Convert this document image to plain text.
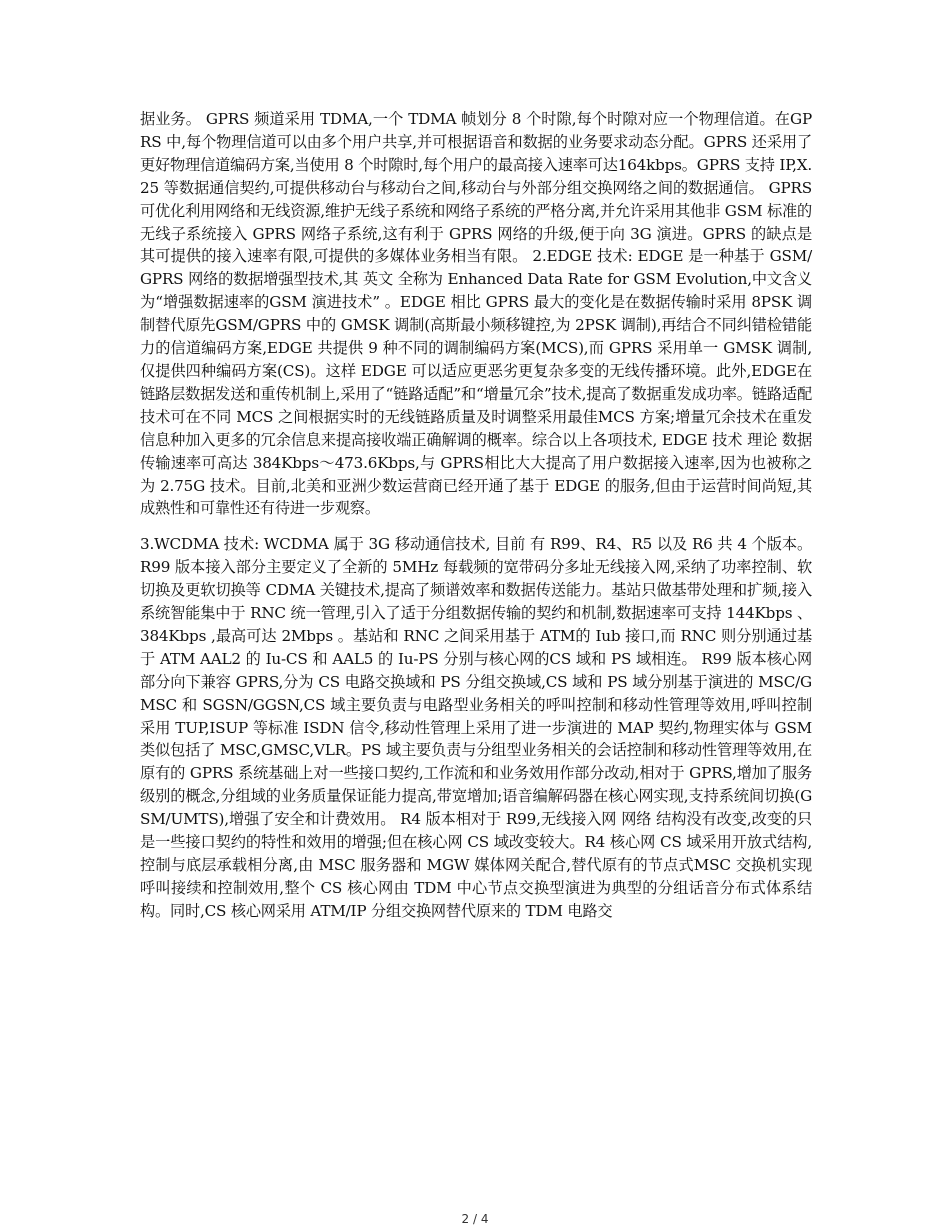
据业务。 GPRS 频道采用 TDMA,一个 TDMA 帧划分 8 个时隙,每个时隙对应一个物理信道。在GPRS 中,每个物理信道可以由多个用户共享,并可根据语音和数据的业务要求动态分配。GPRS 还采用了更好物理信道编码方案,当使用 8 个时隙时,每个用户的最高接入速率可达164kbps。GPRS 支持 IP,X.25 等数据通信契约,可提供移动台与移动台之间,移动台与外部分组交换网络之间的数据通信。 GPRS 可优化利用网络和无线资源,维护无线子系统和网络子系统的严格分离,并允许采用其他非 GSM 标准的无线子系统接入 GPRS 网络子系统,这有利于 GPRS 网络的升级,便于向 3G 演进。GPRS 的缺点是其可提供的接入速率有限,可提供的多媒体业务相当有限。 2.EDGE 技术: EDGE 是一种基于 GSM/GPRS 网络的数据增强型技术,其 英文 全称为 Enhanced Data Rate for GSM Evolution,中文含义为“增强数据速率的GSM 演进技术” 。EDGE 相比 GPRS 最大的变化是在数据传输时采用 8PSK 调制替代原先GSM/GPRS 中的 GMSK 调制(高斯最小频移键控,为 2PSK 调制),再结合不同纠错检错能力的信道编码方案,EDGE 共提供 9 种不同的调制编码方案(MCS),而 GPRS 采用单一 GMSK 调制,仅提供四种编码方案(CS)。这样 EDGE 可以适应更恶劣更复杂多变的无线传播环境。此外,EDGE在链路层数据发送和重传机制上,采用了“链路适配”和“增量冗余”技术,提高了数据重发成功率。链路适配技术可在不同 MCS 之间根据实时的无线链路质量及时调整采用最佳MCS 方案;增量冗余技术在重发信息种加入更多的冗余信息来提高接收端正确解调的概率。综合以上各项技术, EDGE 技术 理论 数据传输速率可高达 384Kbps～473.6Kbps,与 GPRS相比大大提高了用户数据接入速率,因为也被称之为 2.75G 技术。目前,北美和亚洲少数运营商已经开通了基于 EDGE 的服务,但由于运营时间尚短,其成熟性和可靠性还有待进一步观察。

3.WCDMA 技术: WCDMA 属于 3G 移动通信技术, 目前 有 R99、R4、R5 以及 R6 共 4 个版本。R99 版本接入部分主要定义了全新的 5MHz 每载频的宽带码分多址无线接入网,采纳了功率控制、软切换及更软切换等 CDMA 关键技术,提高了频谱效率和数据传送能力。基站只做基带处理和扩频,接入系统智能集中于 RNC 统一管理,引入了适于分组数据传输的契约和机制,数据速率可支持 144Kbps 、384Kbps ,最高可达 2Mbps 。基站和 RNC 之间采用基于 ATM的 Iub 接口,而 RNC 则分别通过基于 ATM AAL2 的 Iu-CS 和 AAL5 的 Iu-PS 分别与核心网的CS 域和 PS 域相连。 R99 版本核心网部分向下兼容 GPRS,分为 CS 电路交换域和 PS 分组交换域,CS 域和 PS 域分别基于演进的 MSC/GMSC 和 SGSN/GGSN,CS 域主要负责与电路型业务相关的呼叫控制和移动性管理等效用,呼叫控制采用 TUP,ISUP 等标准 ISDN 信令,移动性管理上采用了进一步演进的 MAP 契约,物理实体与 GSM 类似包括了 MSC,GMSC,VLR。PS 域主要负责与分组型业务相关的会话控制和移动性管理等效用,在原有的 GPRS 系统基础上对一些接口契约,工作流和和业务效用作部分改动,相对于 GPRS,增加了服务级别的概念,分组域的业务质量保证能力提高,带宽增加;语音编解码器在核心网实现,支持系统间切换(GSM/UMTS),增强了安全和计费效用。 R4 版本相对于 R99,无线接入网 网络 结构没有改变,改变的只是一些接口契约的特性和效用的增强;但在核心网 CS 域改变较大。R4 核心网 CS 域采用开放式结构,控制与底层承载相分离,由 MSC 服务器和 MGW 媒体网关配合,替代原有的节点式MSC 交换机实现呼叫接续和控制效用,整个 CS 核心网由 TDM 中心节点交换型演进为典型的分组话音分布式体系结构。同时,CS 核心网采用 ATM/IP 分组交换网替代原来的 TDM 电路交

2 / 4
